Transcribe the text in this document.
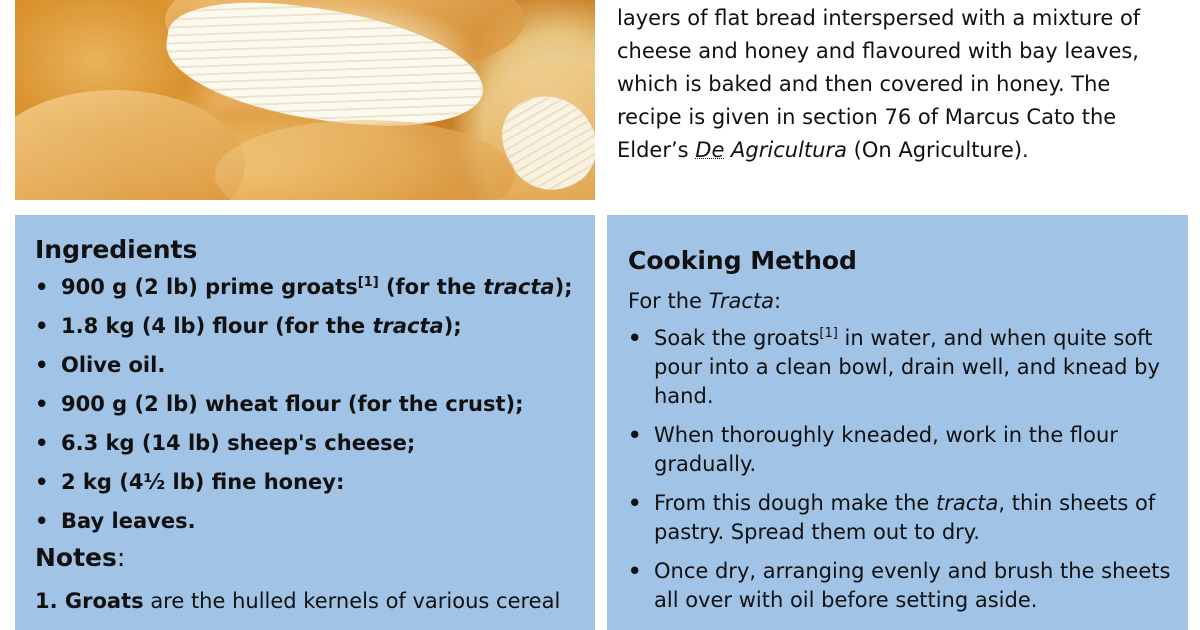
layers of flat bread interspersed with a mixture of

cheese and honey and flavoured with bay leaves,

which is baked and then covered in honey. The

recipe is given in section 76 of Marcus Cato the

Elder’s De Agricultura (On Agriculture).

Ingredients
• 900 g (2 lb) prime groats[1] (for the tracta);
• 1.8 kg (4 lb) flour (for the tracta);
• Olive oil.
• 900 g (2 lb) wheat flour (for the crust);
• 6.3 kg (14 lb) sheep's cheese;
• 2 kg (4½ lb) fine honey:
• Bay leaves.
Notes:
1. Groats are the hulled kernels of various cereal
Cooking Method
For the Tracta:
• Soak the groats[1] in water, and when quite soft pour into a clean bowl, drain well, and knead by hand.
• When thoroughly kneaded, work in the flour gradually.
• From this dough make the tracta, thin sheets of pastry. Spread them out to dry.
• Once dry, arranging evenly and brush the sheets all over with oil before setting aside.
